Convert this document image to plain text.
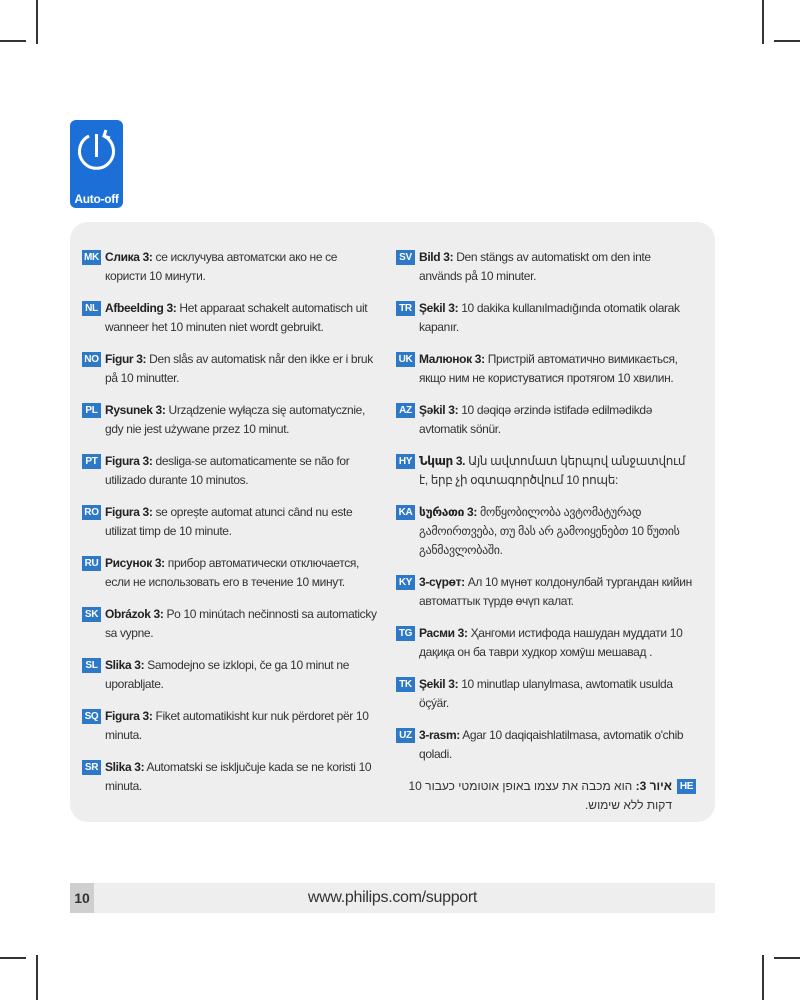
Auto-off
MK Слика 3: се исклучува автоматски ако не се користи 10 минути.
NL Afbeelding 3: Het apparaat schakelt automatisch uit wanneer het 10 minuten niet wordt gebruikt.
NO Figur 3: Den slås av automatisk når den ikke er i bruk på 10 minutter.
PL Rysunek 3: Urządzenie wyłącza się automatycznie, gdy nie jest używane przez 10 minut.
PT Figura 3: desliga-se automaticamente se não for utilizado durante 10 minutos.
RO Figura 3: se oprește automat atunci când nu este utilizat timp de 10 minute.
RU Рисунок 3: прибор автоматически отключается, если не использовать его в течение 10 минут.
SK Obrázok 3: Po 10 minútach nečinnosti sa automaticky sa vypne.
SL Slika 3: Samodejno se izklopi, če ga 10 minut ne uporabljate.
SQ Figura 3: Fiket automatikisht kur nuk përdoret për 10 minuta.
SR Slika 3: Automatski se isključuje kada se ne koristi 10 minuta.
SV Bild 3: Den stängs av automatiskt om den inte används på 10 minuter.
TR Şekil 3: 10 dakika kullanılmadığında otomatik olarak kapanır.
UK Малюнок 3: Пристрій автоматично вимикається, якщо ним не користуватися протягом 10 хвилин.
AZ Şəkil 3: 10 dəqiqə ərzində istifadə edilmədikdə avtomatik sönür.
HY Նկար 3. Այն ավտոմատ կերպով անջատվում է, երբ չի օգտագործվում 10 րոպե:
KA სურათი 3: მოწყობილობა ავტომატურად გამოირთვება, თუ მას არ გამოიყენებთ 10 წუთის განმავლობაში.
KY 3-сүрөт: Ал 10 мүнөт колдонулбай тургандан кийин автоматтык түрдө өчүп калат.
TG Расми 3: Ҳангоми истифода нашудан муддати 10 дақиқа он ба таври худкор хомӯш мешавад .
TK Şekil 3: 10 minutlap ulanylmasa, awtomatik usulda öçýär.
UZ 3-rasm: Agar 10 daqiqaishlatilmasa, avtomatik o'chib qoladi.
HE
איור 3: הוא מכבה את עצמו באופן אוטומטי כעבור 10 דקות ללא שימוש.
10	www.philips.com/support
